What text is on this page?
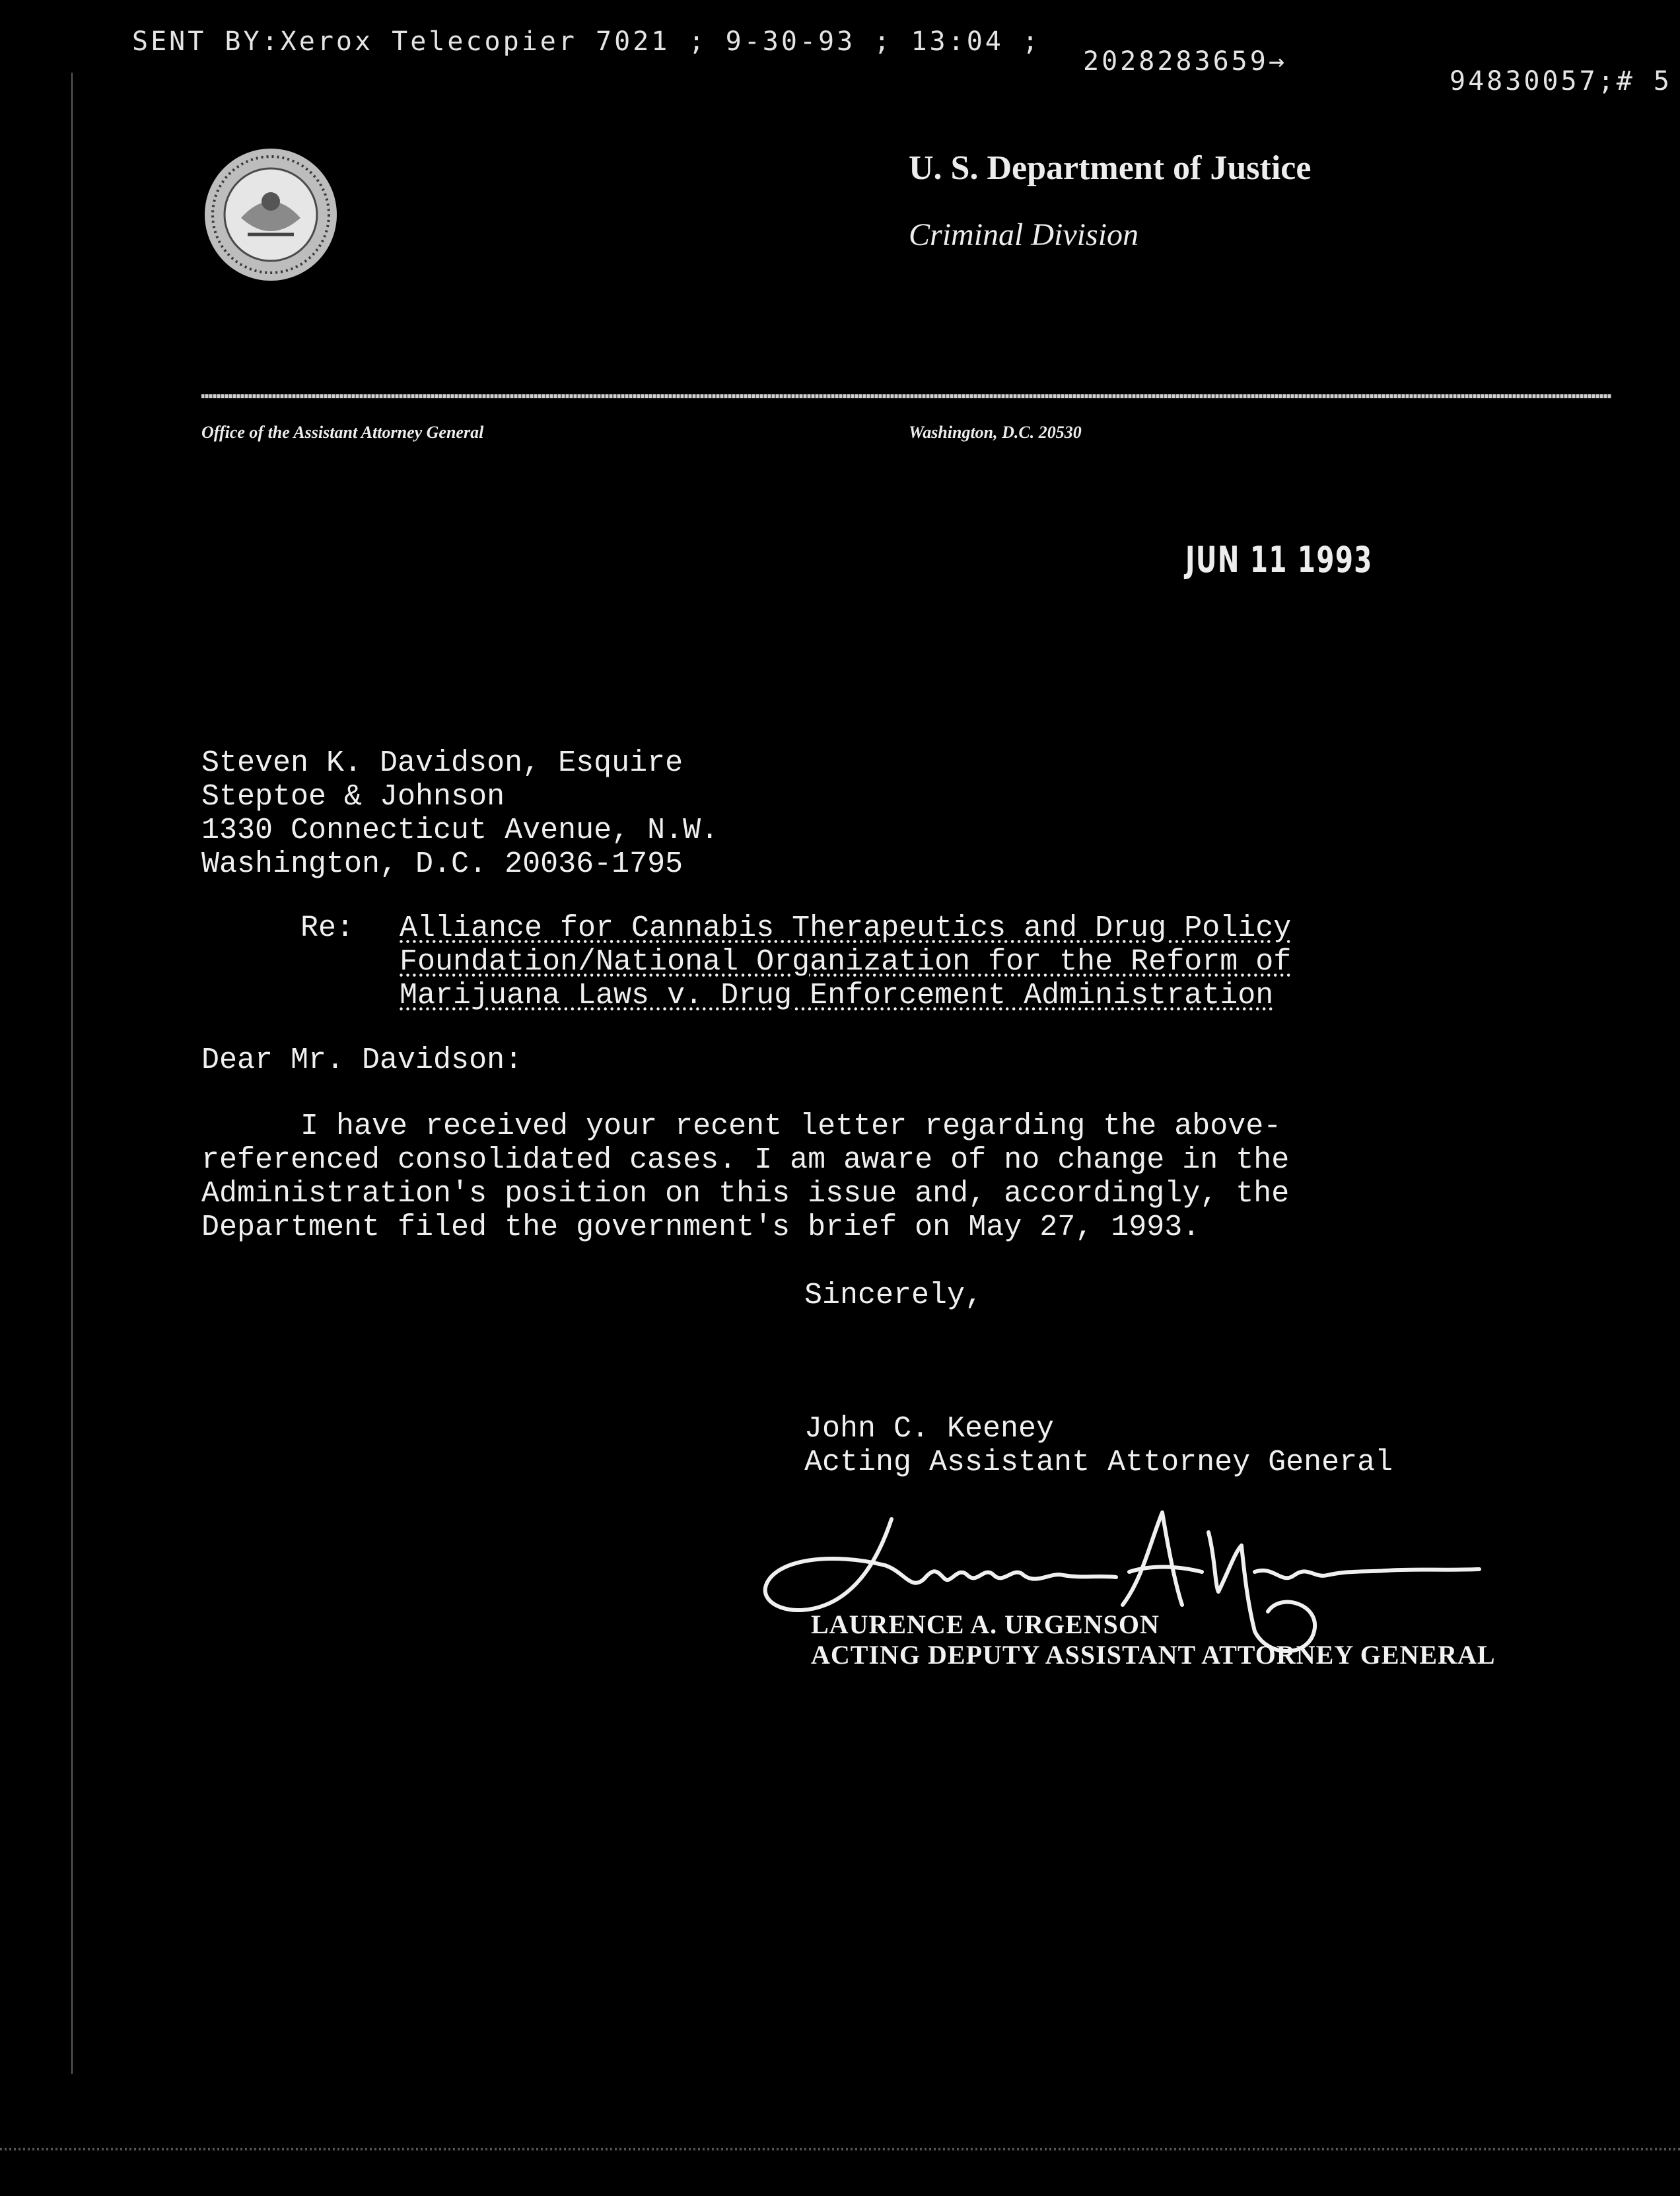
SENT BY:Xerox Telecopier 7021 ; 9-30-93 ; 13:04 ;
2028283659→
94830057;# 5
U. S. Department of Justice
Criminal Division
Office of the Assistant Attorney General	Washington, D.C. 20530
JUN 11 1993
Steven K. Davidson, Esquire
Steptoe & Johnson
1330 Connecticut Avenue, N.W.
Washington, D.C. 20036-1795
Re: Alliance for Cannabis Therapeutics and Drug Policy
Foundation/National Organization for the Reform of
Marijuana Laws v. Drug Enforcement Administration
Dear Mr. Davidson:
I have received your recent letter regarding the above-
referenced consolidated cases. I am aware of no change in the
Administration's position on this issue and, accordingly, the
Department filed the government's brief on May 27, 1993.
Sincerely,
John C. Keeney
Acting Assistant Attorney General
LAURENCE A. URGENSON
ACTING DEPUTY ASSISTANT ATTORNEY GENERAL
